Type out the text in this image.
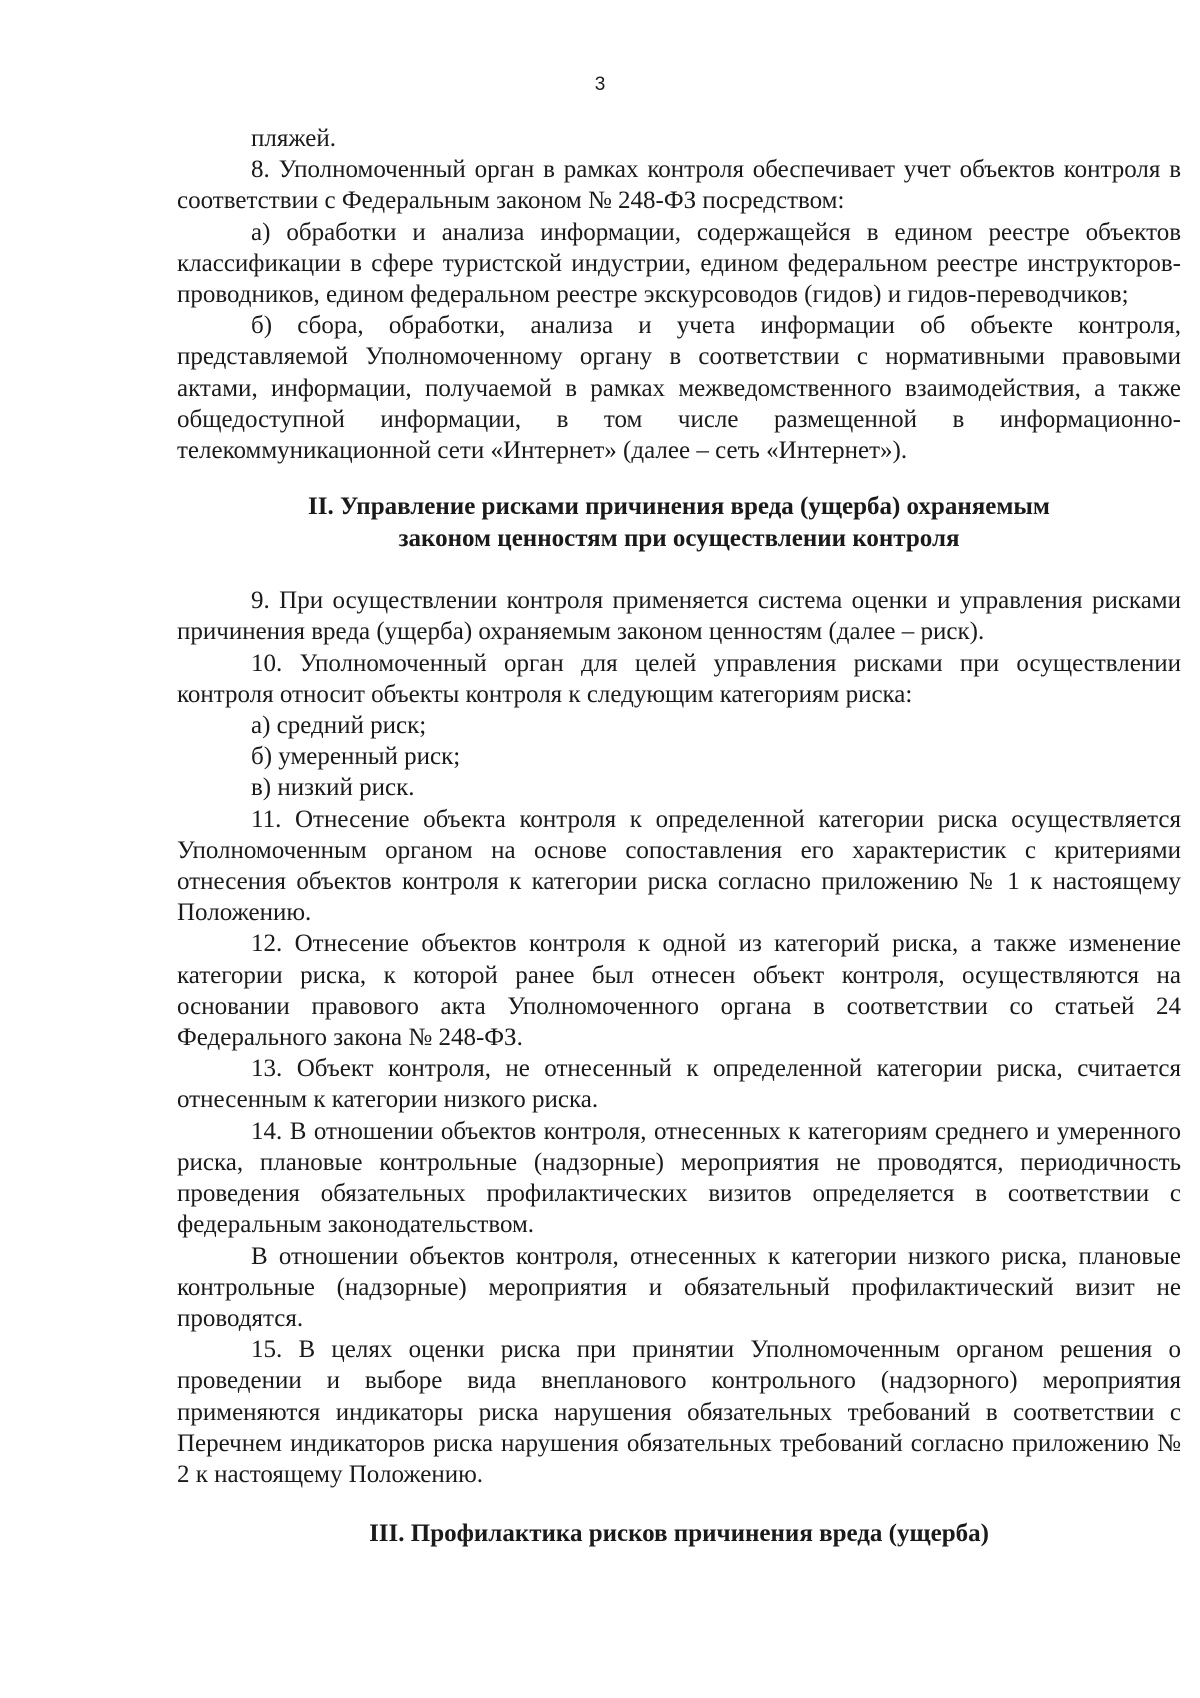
3

пляжей.

8. Уполномоченный орган в рамках контроля обеспечивает учет объектов контроля в соответствии с Федеральным законом № 248-ФЗ посредством:

а) обработки и анализа информации, содержащейся в едином реестре объектов классификации в сфере туристской индустрии, едином федеральном реестре инструкторов-проводников, едином федеральном реестре экскурсоводов (гидов) и гидов-переводчиков;

б) сбора, обработки, анализа и учета информации об объекте контроля, представляемой Уполномоченному органу в соответствии с нормативными правовыми актами, информации, получаемой в рамках межведомственного взаимодействия, а также общедоступной информации, в том числе размещенной в информационно-телекоммуникационной сети «Интернет» (далее – сеть «Интернет»).

II. Управление рисками причинения вреда (ущерба) охраняемым
законом ценностям при осуществлении контроля

9. При осуществлении контроля применяется система оценки и управления рисками причинения вреда (ущерба) охраняемым законом ценностям (далее – риск).

10. Уполномоченный орган для целей управления рисками при осуществлении контроля относит объекты контроля к следующим категориям риска:

а) средний риск;

б) умеренный риск;

в) низкий риск.

11. Отнесение объекта контроля к определенной категории риска осуществляется Уполномоченным органом на основе сопоставления его характеристик с критериями отнесения объектов контроля к категории риска согласно приложению № 1 к настоящему Положению.

12. Отнесение объектов контроля к одной из категорий риска, а также изменение категории риска, к которой ранее был отнесен объект контроля, осуществляются на основании правового акта Уполномоченного органа в соответствии со статьей 24 Федерального закона № 248-ФЗ.

13. Объект контроля, не отнесенный к определенной категории риска, считается отнесенным к категории низкого риска.

14. В отношении объектов контроля, отнесенных к категориям среднего и умеренного риска, плановые контрольные (надзорные) мероприятия не проводятся, периодичность проведения обязательных профилактических визитов определяется в соответствии с федеральным законодательством.

В отношении объектов контроля, отнесенных к категории низкого риска, плановые контрольные (надзорные) мероприятия и обязательный профилактический визит не проводятся.

15. В целях оценки риска при принятии Уполномоченным органом решения о проведении и выборе вида внепланового контрольного (надзорного) мероприятия применяются индикаторы риска нарушения обязательных требований в соответствии с Перечнем индикаторов риска нарушения обязательных требований согласно приложению № 2 к настоящему Положению.

III. Профилактика рисков причинения вреда (ущерба)
